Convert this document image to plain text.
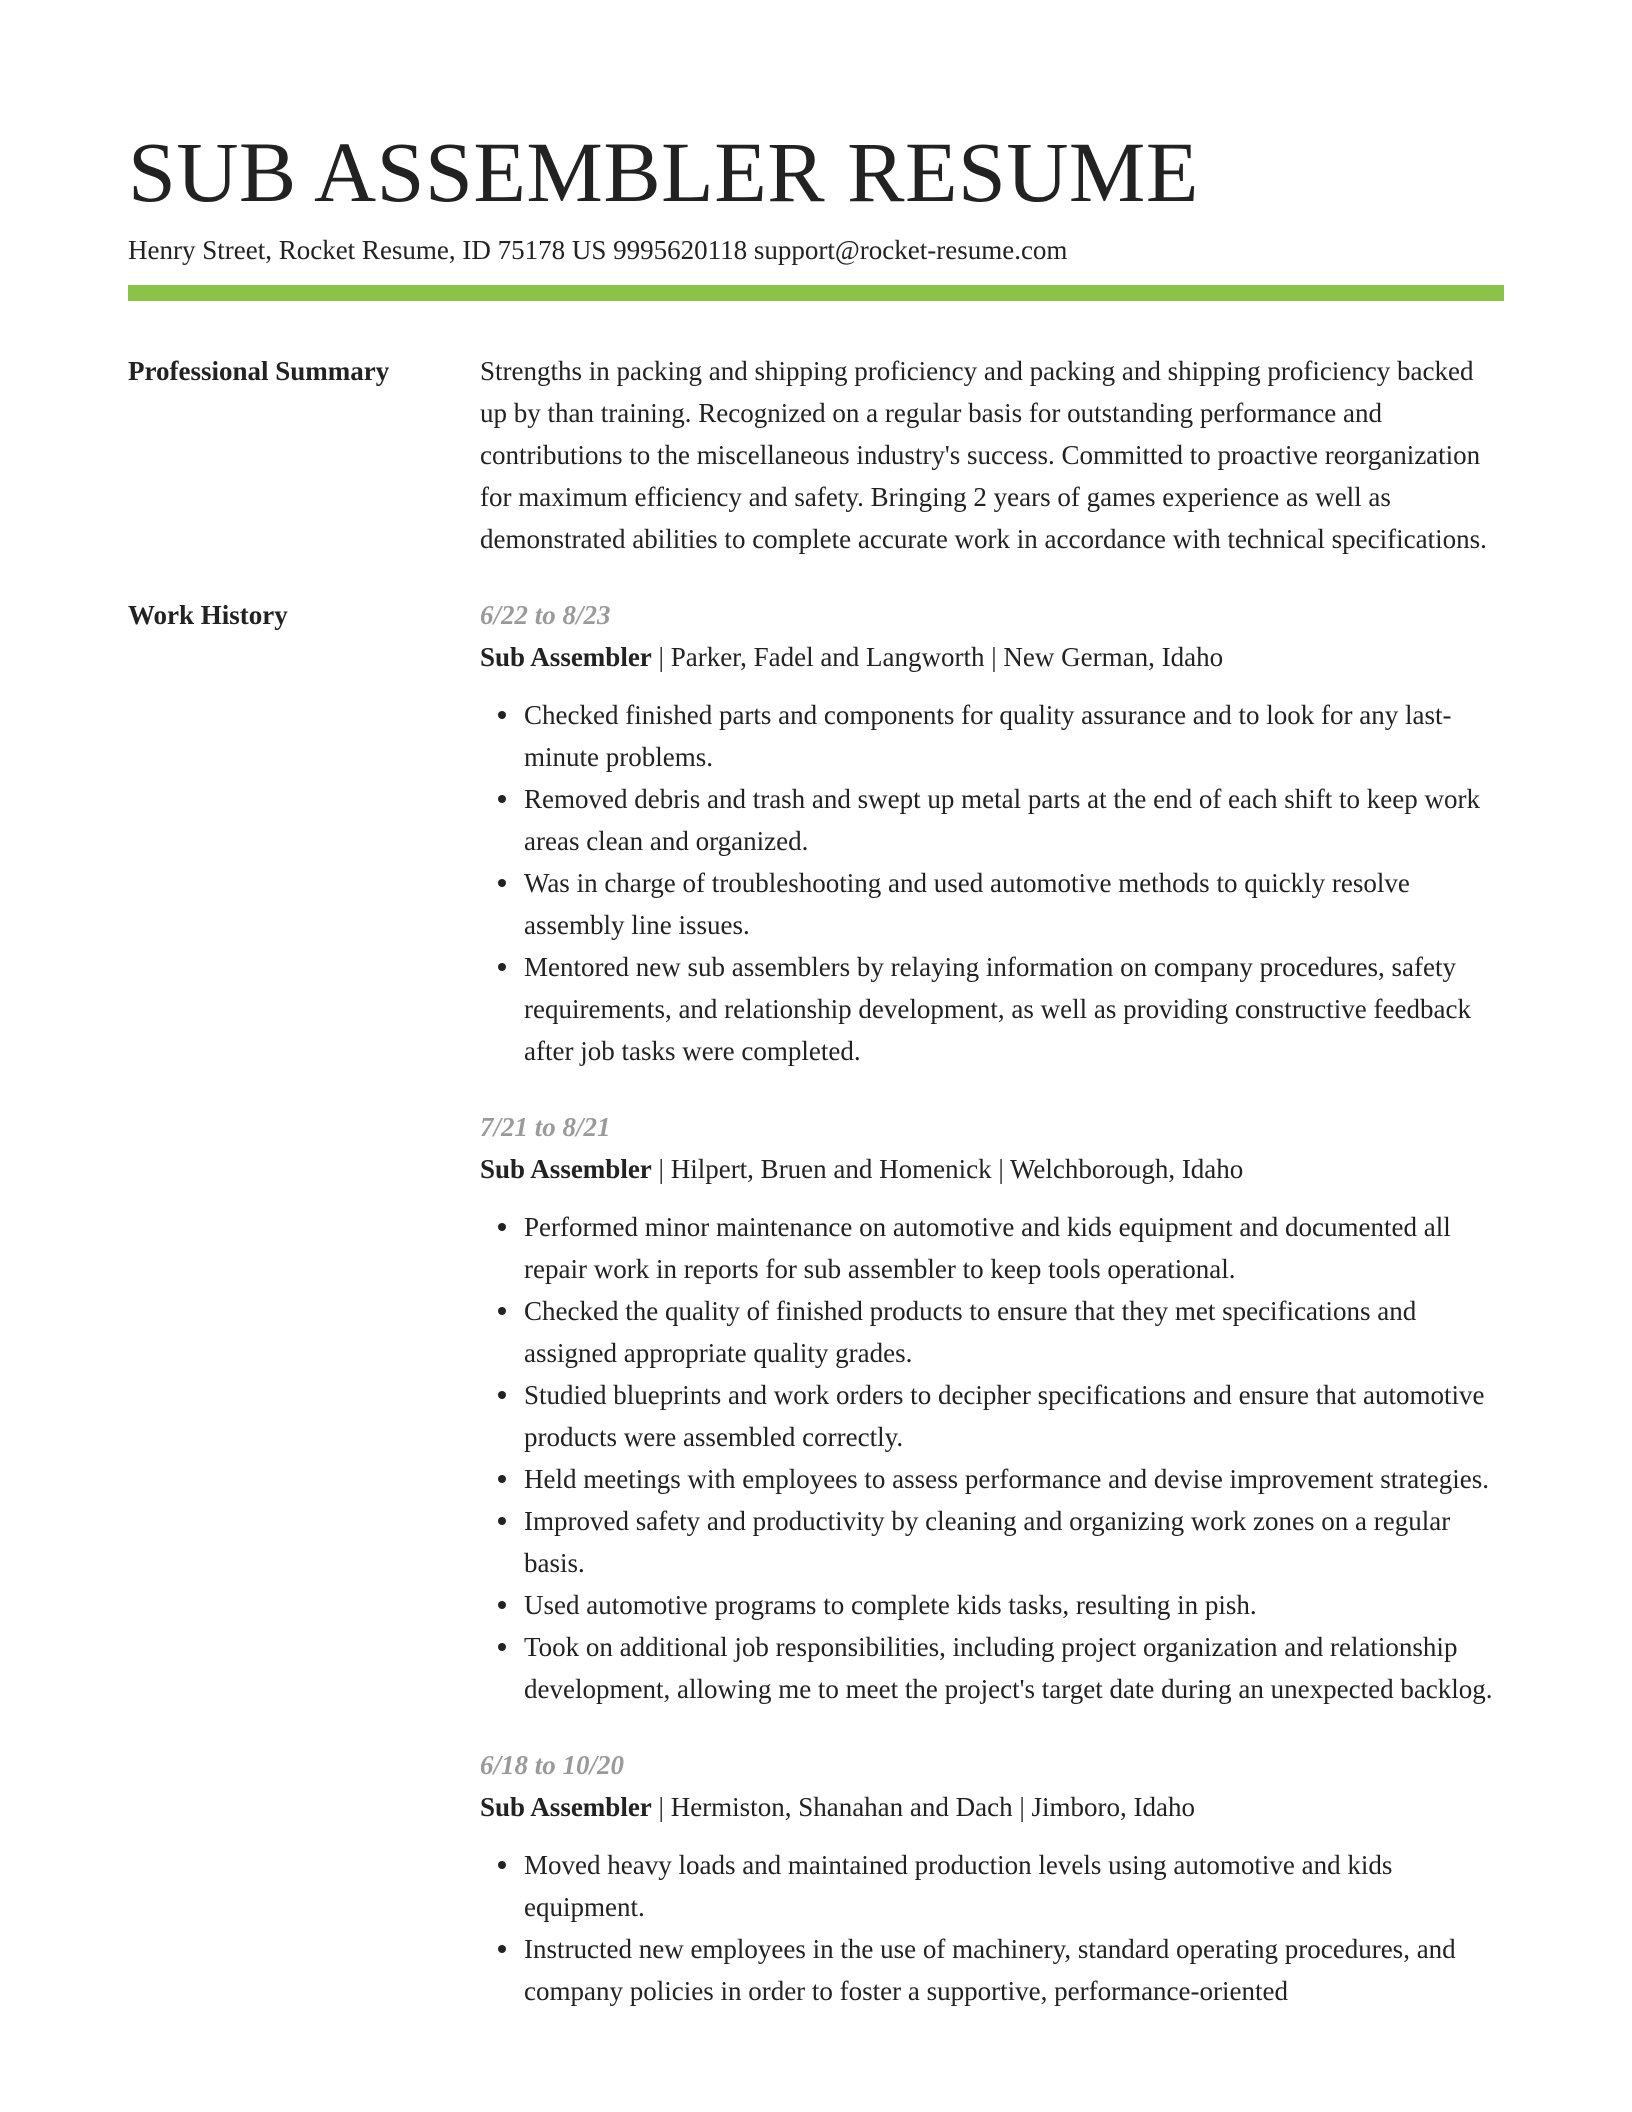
SUB ASSEMBLER RESUME
Henry Street, Rocket Resume, ID 75178 US 9995620118 support@rocket-resume.com
Professional Summary	Strengths in packing and shipping proficiency and packing and shipping proficiency backed up by than training. Recognized on a regular basis for outstanding performance and contributions to the miscellaneous industry's success. Committed to proactive reorganization for maximum efficiency and safety. Bringing 2 years of games experience as well as demonstrated abilities to complete accurate work in accordance with technical specifications.

Work History	6/22 to 8/23
Sub Assembler | Parker, Fadel and Langworth | New German, Idaho
Checked finished parts and components for quality assurance and to look for any last-minute problems.
Removed debris and trash and swept up metal parts at the end of each shift to keep work areas clean and organized.
Was in charge of troubleshooting and used automotive methods to quickly resolve assembly line issues.
Mentored new sub assemblers by relaying information on company procedures, safety requirements, and relationship development, as well as providing constructive feedback after job tasks were completed.
7/21 to 8/21
Sub Assembler | Hilpert, Bruen and Homenick | Welchborough, Idaho
Performed minor maintenance on automotive and kids equipment and documented all repair work in reports for sub assembler to keep tools operational.
Checked the quality of finished products to ensure that they met specifications and assigned appropriate quality grades.
Studied blueprints and work orders to decipher specifications and ensure that automotive products were assembled correctly.
Held meetings with employees to assess performance and devise improvement strategies.
Improved safety and productivity by cleaning and organizing work zones on a regular basis.
Used automotive programs to complete kids tasks, resulting in pish.
Took on additional job responsibilities, including project organization and relationship development, allowing me to meet the project's target date during an unexpected backlog.
6/18 to 10/20
Sub Assembler | Hermiston, Shanahan and Dach | Jimboro, Idaho
Moved heavy loads and maintained production levels using automotive and kids equipment.
Instructed new employees in the use of machinery, standard operating procedures, and company policies in order to foster a supportive, performance-oriented
